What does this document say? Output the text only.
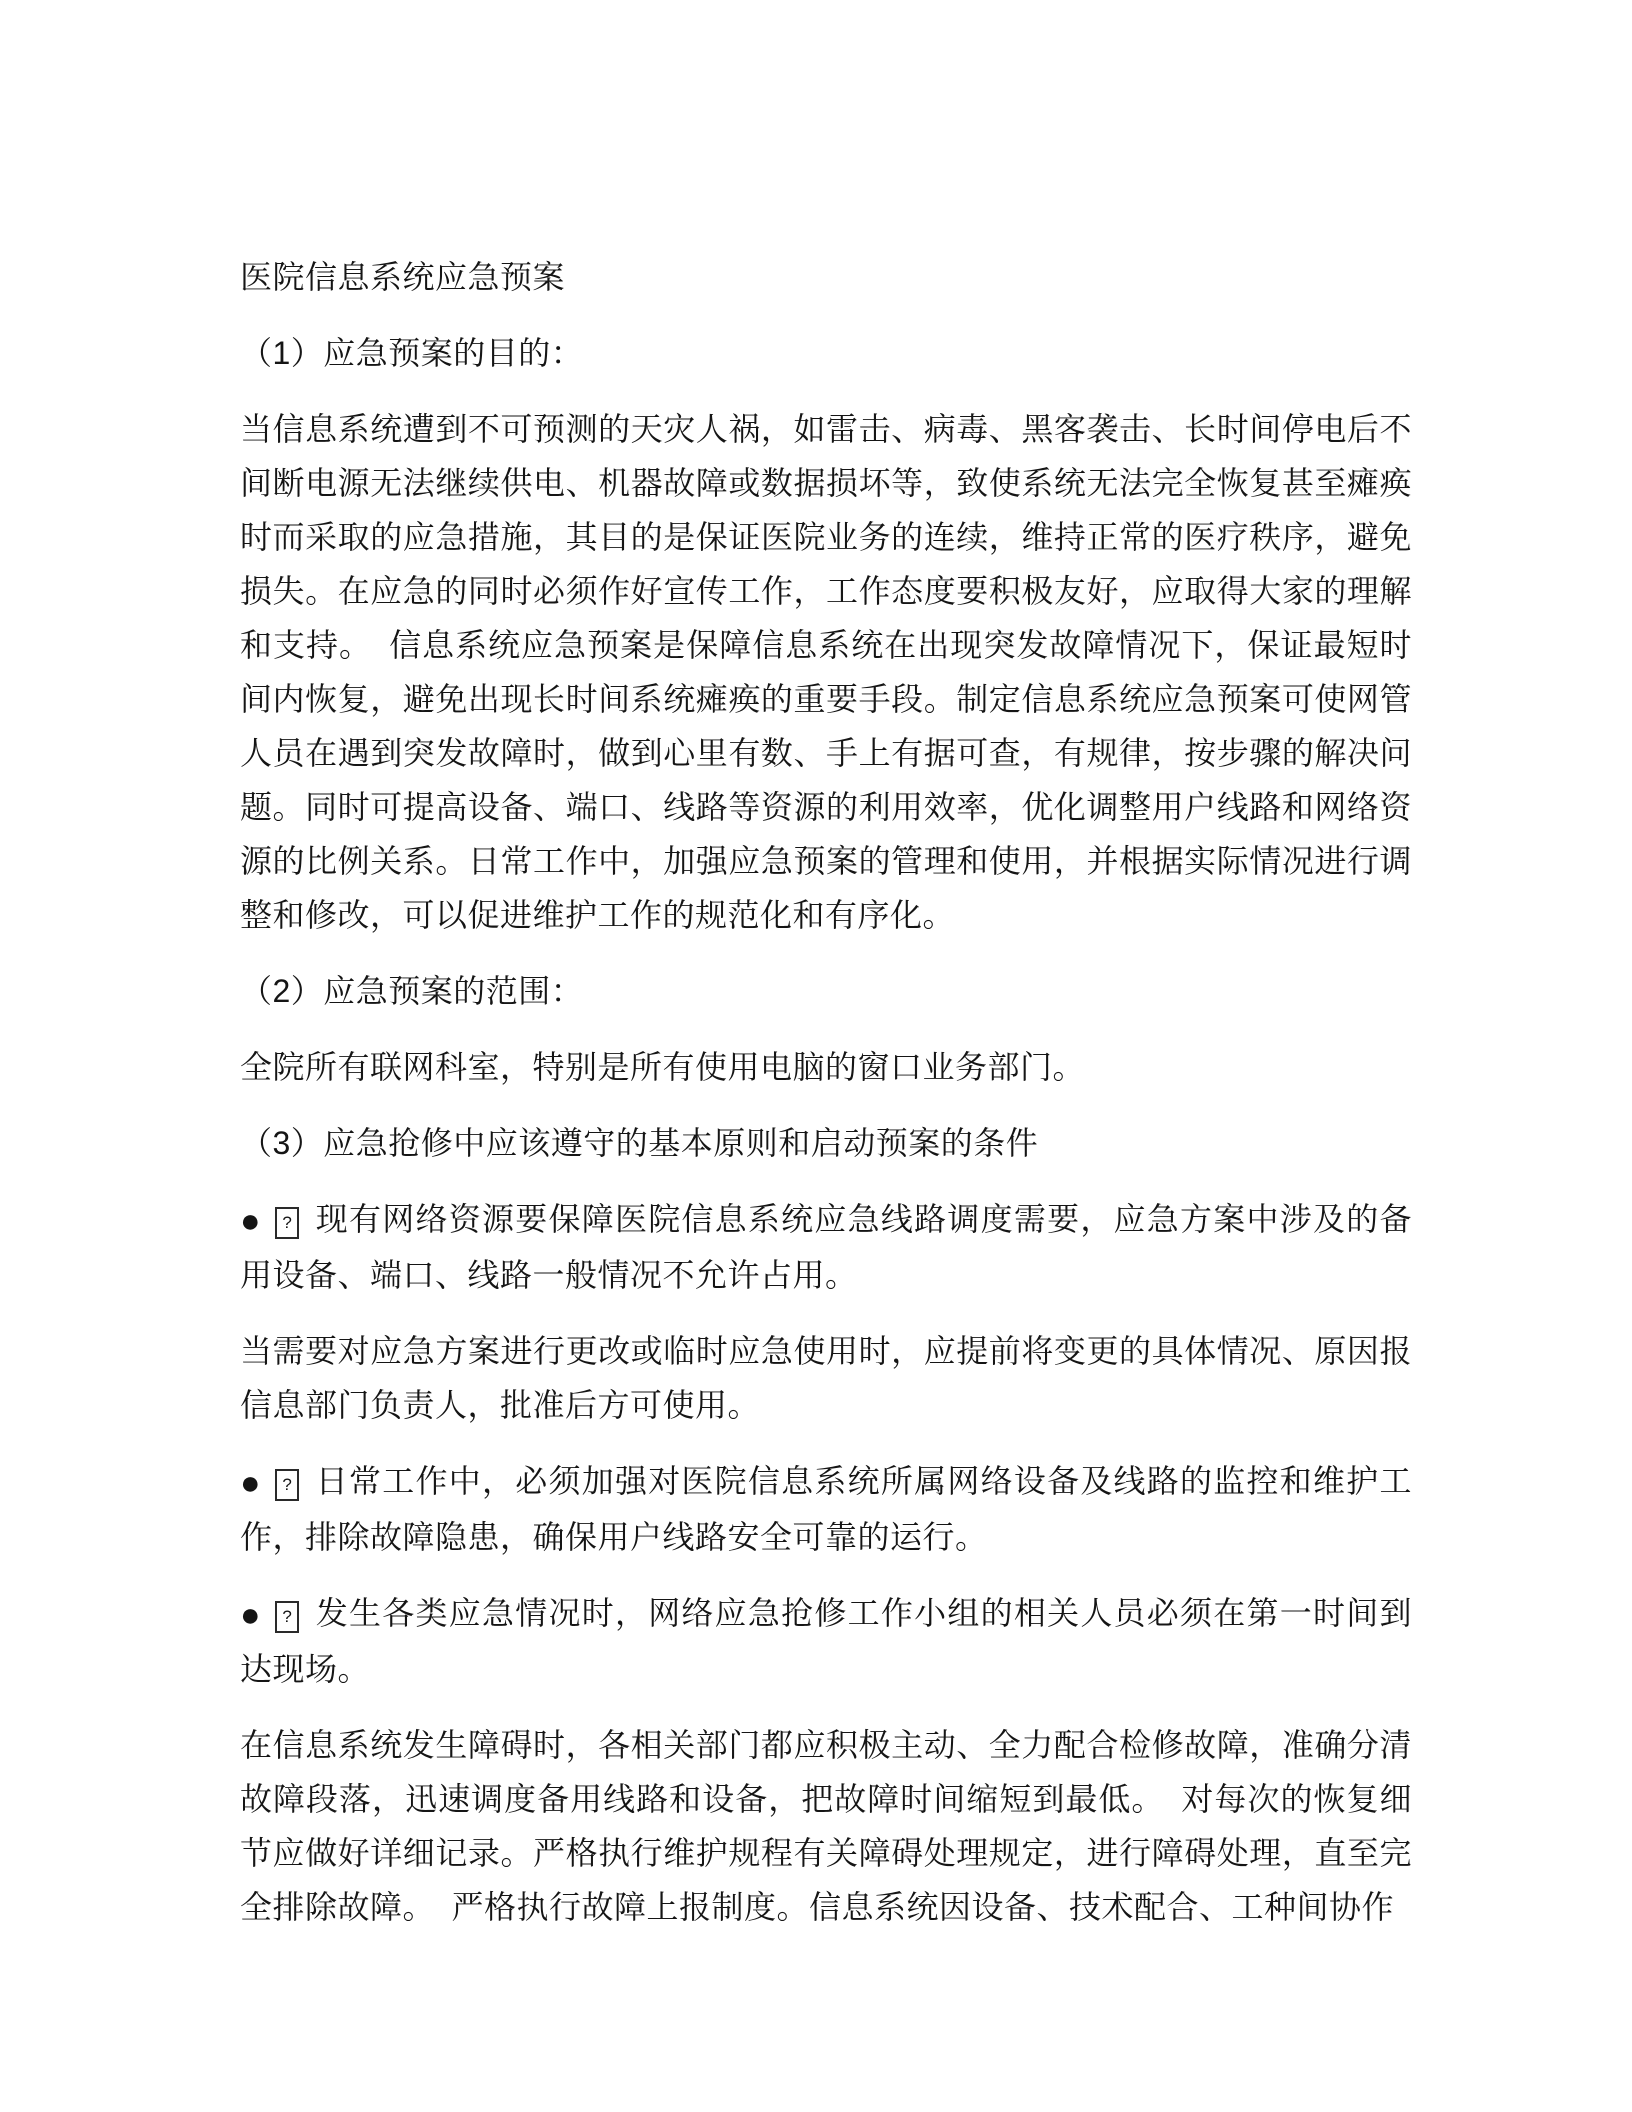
医院信息系统应急预案

（1）应急预案的目的：

当信息系统遭到不可预测的天灾人祸，如雷击、病毒、黑客袭击、长时间停电后不间断电源无法继续供电、机器故障或数据损坏等，致使系统无法完全恢复甚至瘫痪时而采取的应急措施，其目的是保证医院业务的连续，维持正常的医疗秩序，避免损失。在应急的同时必须作好宣传工作，工作态度要积极友好，应取得大家的理解和支持。　信息系统应急预案是保障信息系统在出现突发故障情况下，保证最短时间内恢复，避免出现长时间系统瘫痪的重要手段。制定信息系统应急预案可使网管人员在遇到突发故障时，做到心里有数、手上有据可查，有规律，按步骤的解决问题。同时可提高设备、端口、线路等资源的利用效率，优化调整用户线路和网络资源的比例关系。日常工作中，加强应急预案的管理和使用，并根据实际情况进行调整和修改，可以促进维护工作的规范化和有序化。

（2）应急预案的范围：

全院所有联网科室，特别是所有使用电脑的窗口业务部门。

（3）应急抢修中应该遵守的基本原则和启动预案的条件

● ? 现有网络资源要保障医院信息系统应急线路调度需要，应急方案中涉及的备用设备、端口、线路一般情况不允许占用。

当需要对应急方案进行更改或临时应急使用时，应提前将变更的具体情况、原因报信息部门负责人，批准后方可使用。

● ? 日常工作中，必须加强对医院信息系统所属网络设备及线路的监控和维护工作，排除故障隐患，确保用户线路安全可靠的运行。

● ? 发生各类应急情况时，网络应急抢修工作小组的相关人员必须在第一时间到达现场。

在信息系统发生障碍时，各相关部门都应积极主动、全力配合检修故障，准确分清故障段落，迅速调度备用线路和设备，把故障时间缩短到最低。　对每次的恢复细节应做好详细记录。严格执行维护规程有关障碍处理规定，进行障碍处理，直至完全排除故障。　严格执行故障上报制度。信息系统因设备、技术配合、工种间协作
